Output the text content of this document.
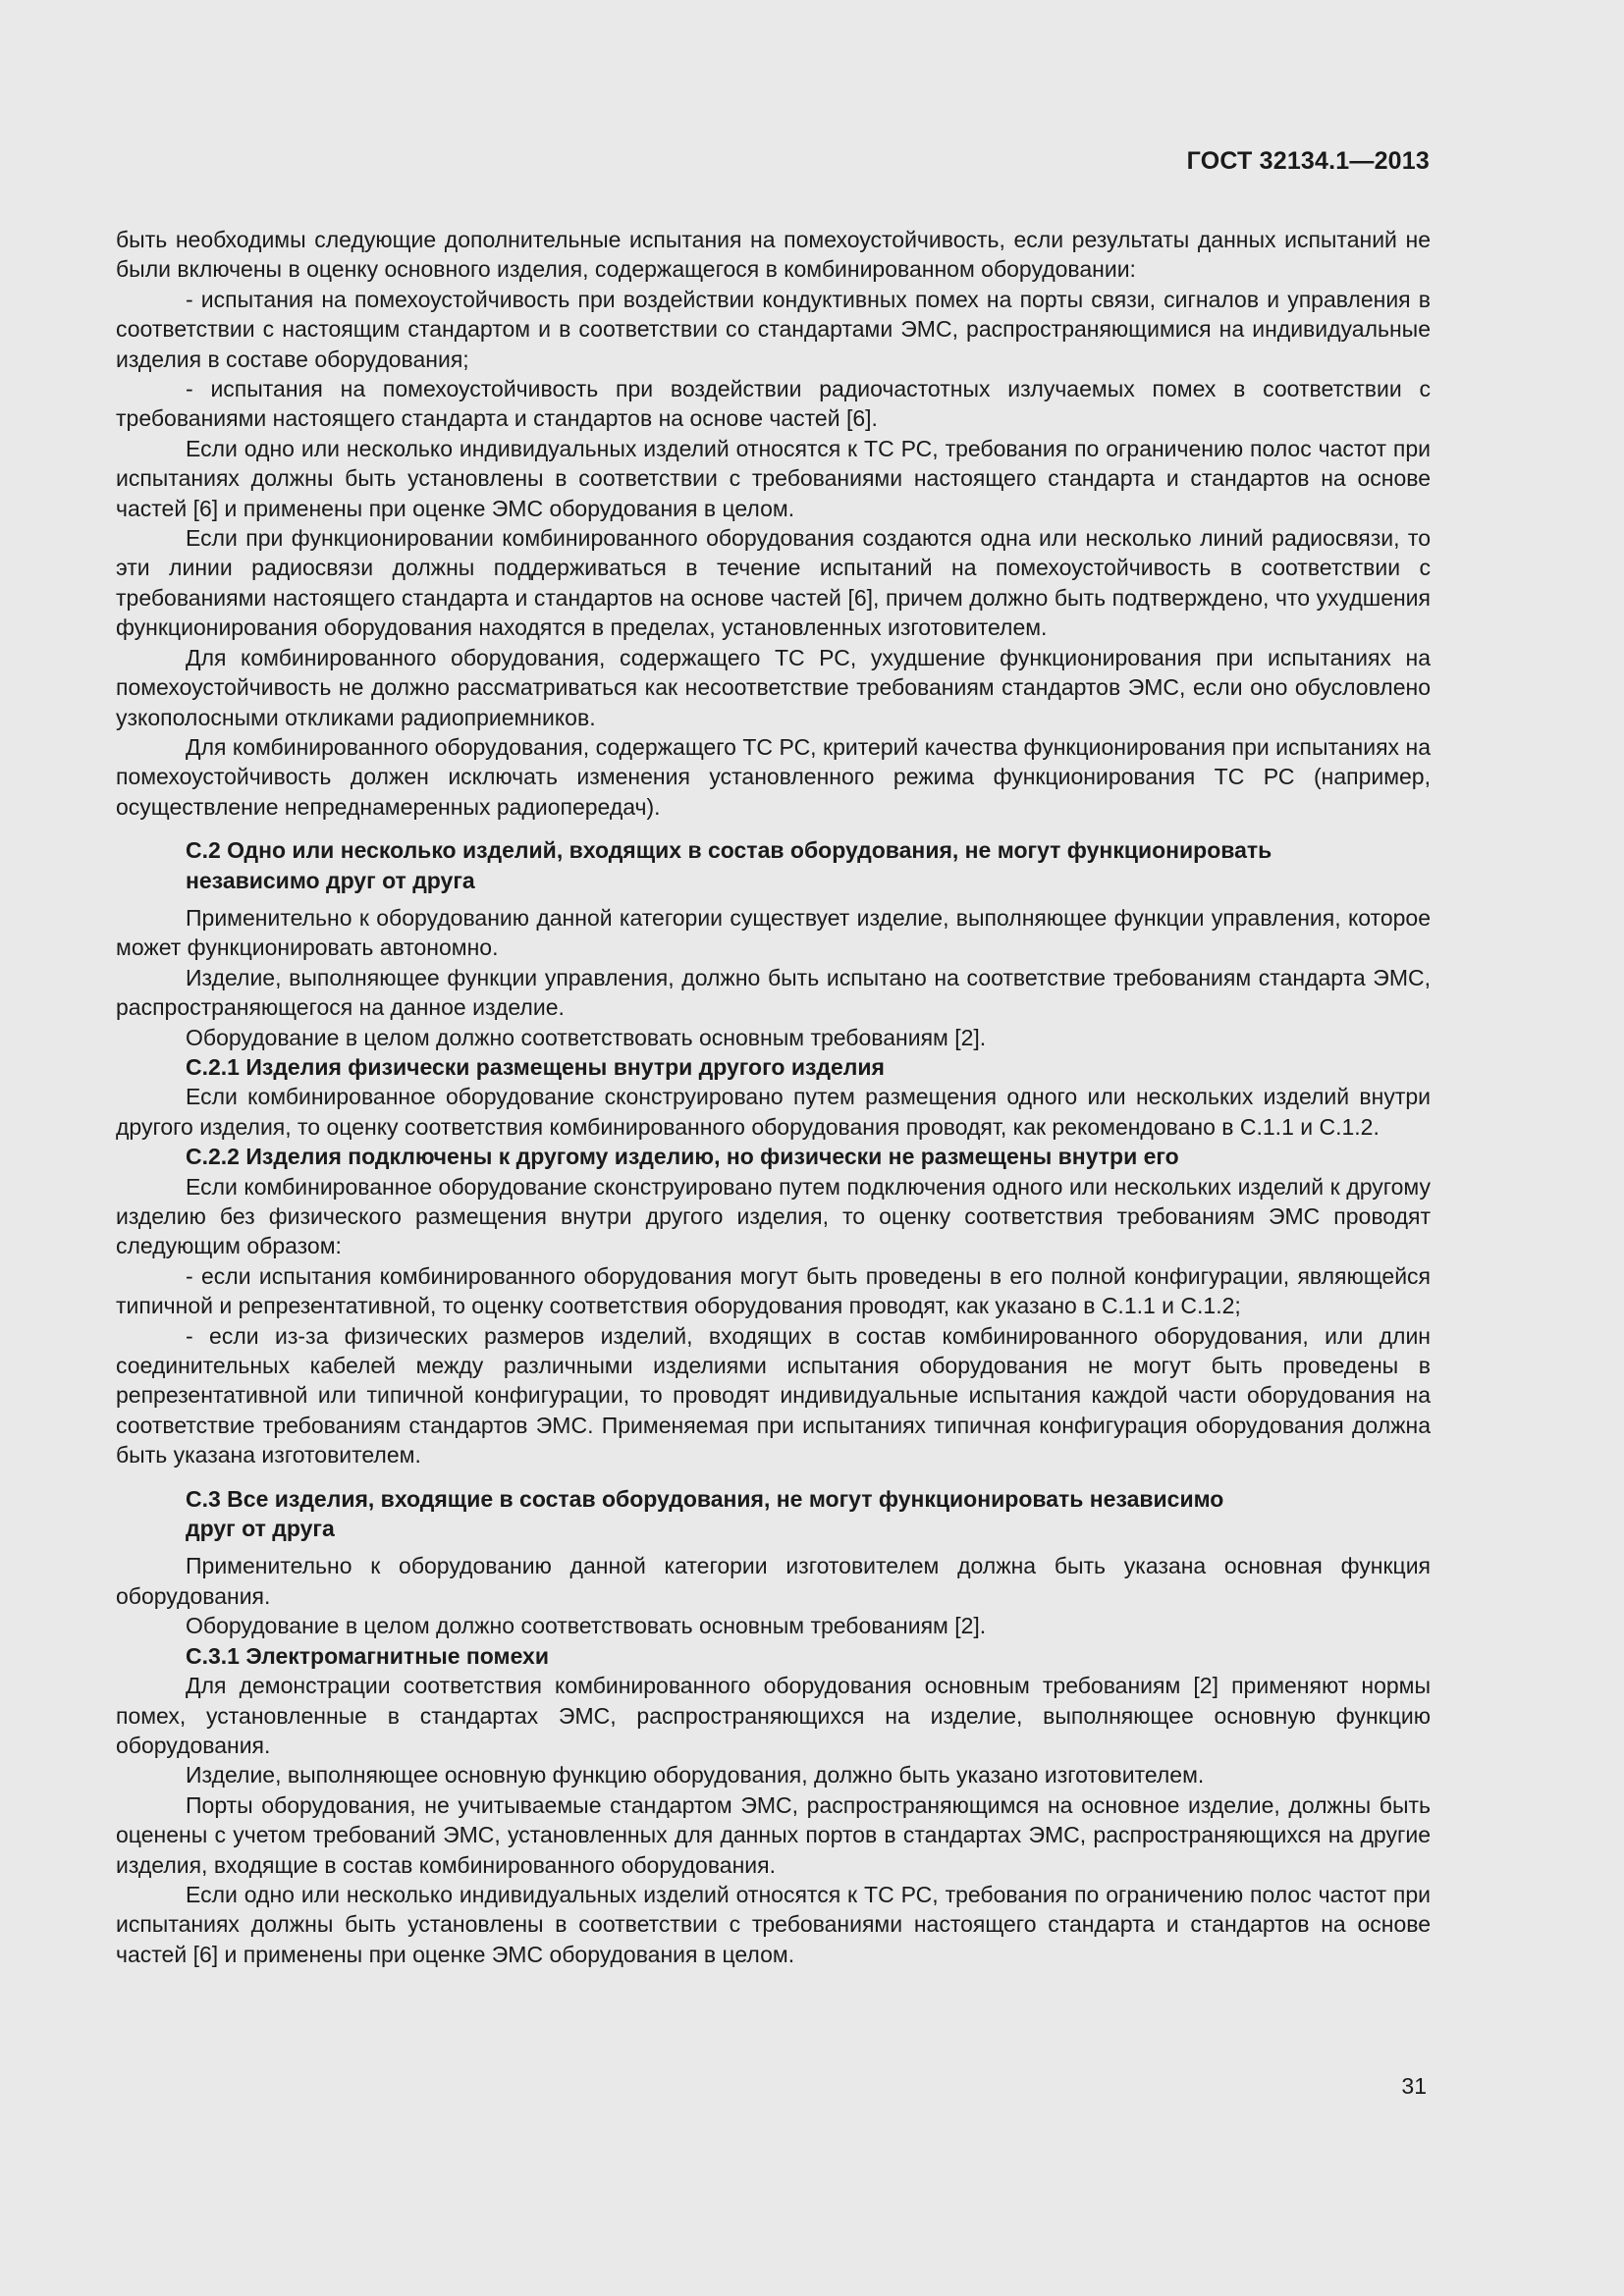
ГОСТ 32134.1—2013

быть необходимы следующие дополнительные испытания на помехоустойчивость, если результаты данных испытаний не были включены в оценку основного изделия, содержащегося в комбинированном оборудовании:

- испытания на помехоустойчивость при воздействии кондуктивных помех на порты связи, сигналов и управления в соответствии с настоящим стандартом и в соответствии со стандартами ЭМС, распространяющимися на индивидуальные изделия в составе оборудования;

- испытания на помехоустойчивость при воздействии радиочастотных излучаемых помех в соответствии с требованиями настоящего стандарта и стандартов на основе частей [6].

Если одно или несколько индивидуальных изделий относятся к ТС РС, требования по ограничению полос частот при испытаниях должны быть установлены в соответствии с требованиями настоящего стандарта и стандартов на основе частей [6] и применены при оценке ЭМС оборудования в целом.

Если при функционировании комбинированного оборудования создаются одна или несколько линий радиосвязи, то эти линии радиосвязи должны поддерживаться в течение испытаний на помехоустойчивость в соответствии с требованиями настоящего стандарта и стандартов на основе частей [6], причем должно быть подтверждено, что ухудшения функционирования оборудования находятся в пределах, установленных изготовителем.

Для комбинированного оборудования, содержащего ТС РС, ухудшение функционирования при испытаниях на помехоустойчивость не должно рассматриваться как несоответствие требованиям стандартов ЭМС, если оно обусловлено узкополосными откликами радиоприемников.

Для комбинированного оборудования, содержащего ТС РС, критерий качества функционирования при испытаниях на помехоустойчивость должен исключать изменения установленного режима функционирования ТС РС (например, осуществление непреднамеренных радиопередач).

С.2 Одно или несколько изделий, входящих в состав оборудования, не могут функционировать
независимо друг от друга

Применительно к оборудованию данной категории существует изделие, выполняющее функции управления, которое может функционировать автономно.

Изделие, выполняющее функции управления, должно быть испытано на соответствие требованиям стандарта ЭМС, распространяющегося на данное изделие.

Оборудование в целом должно соответствовать основным требованиям [2].

С.2.1 Изделия физически размещены внутри другого изделия

Если комбинированное оборудование сконструировано путем размещения одного или нескольких изделий внутри другого изделия, то оценку соответствия комбинированного оборудования проводят, как рекомендовано в С.1.1 и С.1.2.

С.2.2 Изделия подключены к другому изделию, но физически не размещены внутри его

Если комбинированное оборудование сконструировано путем подключения одного или нескольких изделий к другому изделию без физического размещения внутри другого изделия, то оценку соответствия требованиям ЭМС проводят следующим образом:

- если испытания комбинированного оборудования могут быть проведены в его полной конфигурации, являющейся типичной и репрезентативной, то оценку соответствия оборудования проводят, как указано в С.1.1 и С.1.2;

- если из-за физических размеров изделий, входящих в состав комбинированного оборудования, или длин соединительных кабелей между различными изделиями испытания оборудования не могут быть проведены в репрезентативной или типичной конфигурации, то проводят индивидуальные испытания каждой части оборудования на соответствие требованиям стандартов ЭМС. Применяемая при испытаниях типичная конфигурация оборудования должна быть указана изготовителем.

С.3 Все изделия, входящие в состав оборудования, не могут функционировать независимо
друг от друга

Применительно к оборудованию данной категории изготовителем должна быть указана основная функция оборудования.

Оборудование в целом должно соответствовать основным требованиям [2].

С.3.1 Электромагнитные помехи

Для демонстрации соответствия комбинированного оборудования основным требованиям [2] применяют нормы помех, установленные в стандартах ЭМС, распространяющихся на изделие, выполняющее основную функцию оборудования.

Изделие, выполняющее основную функцию оборудования, должно быть указано изготовителем.

Порты оборудования, не учитываемые стандартом ЭМС, распространяющимся на основное изделие, должны быть оценены с учетом требований ЭМС, установленных для данных портов в стандартах ЭМС, распространяющихся на другие изделия, входящие в состав комбинированного оборудования.

Если одно или несколько индивидуальных изделий относятся к ТС РС, требования по ограничению полос частот при испытаниях должны быть установлены в соответствии с требованиями настоящего стандарта и стандартов на основе частей [6] и применены при оценке ЭМС оборудования в целом.

31
